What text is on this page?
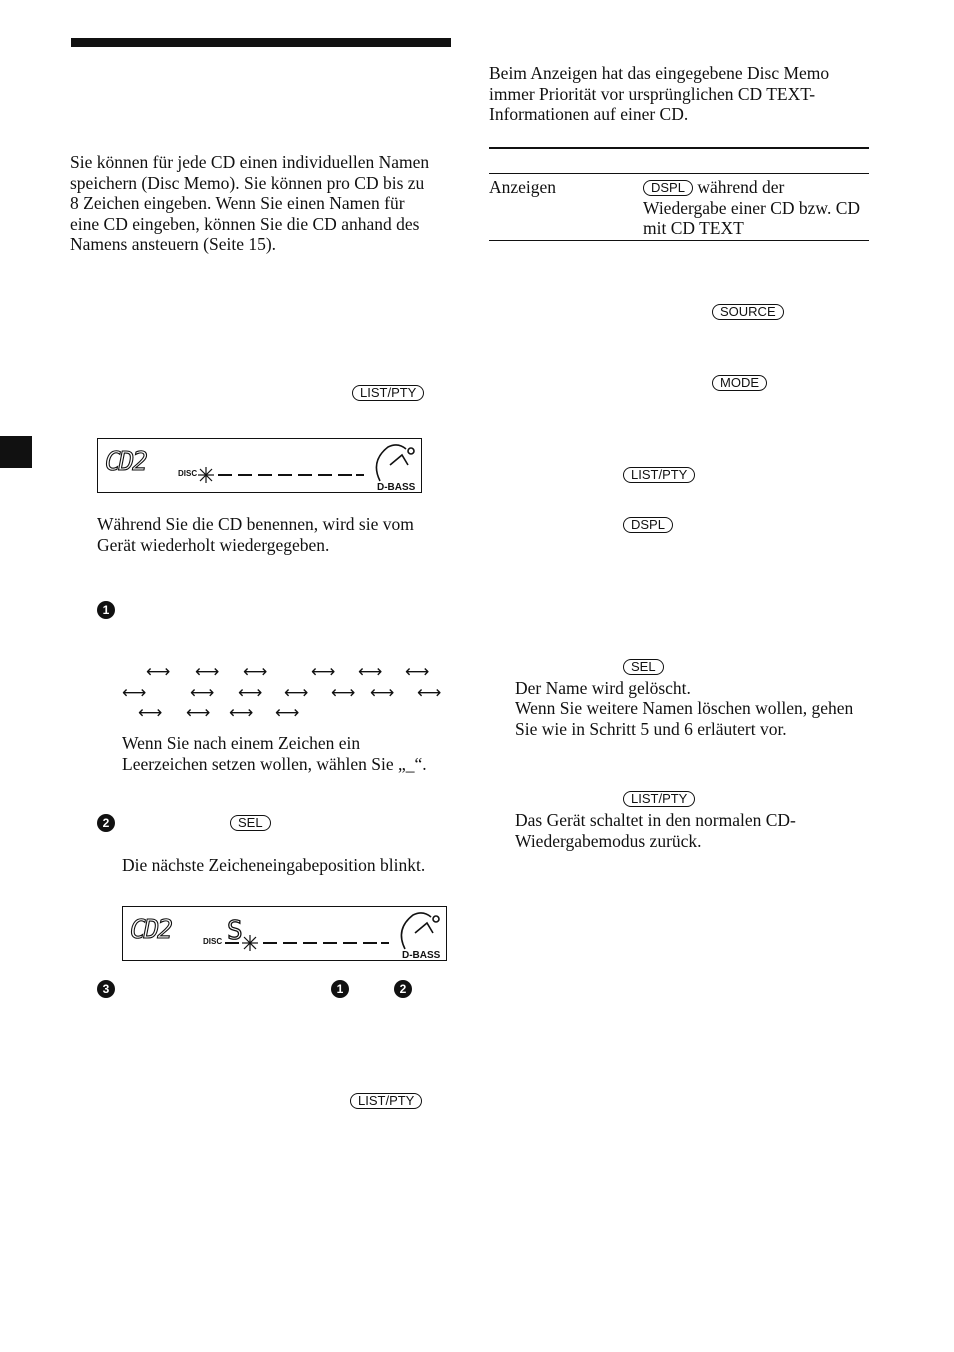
Sie können für jede CD einen individuellen Namen speichern (Disc Memo). Sie können pro CD bis zu 8 Zeichen eingeben. Wenn Sie einen Namen für eine CD eingeben, können Sie die CD anhand des Namens ansteuern (Seite 15).

LIST/PTY
CD2	DISC
D-BASS

Während Sie die CD benennen, wird sie vom Gerät wiederholt wiedergegeben.

1
⟷ ⟷ ⟷	⟷ ⟷ ⟷
⟷	⟷ ⟷ ⟷ ⟷ ⟷ ⟷
⟷ ⟷ ⟷ ⟷

Wenn Sie nach einem Zeichen ein Leerzeichen setzen wollen, wählen Sie „_“.

2	SEL

Die nächste Zeicheneingabeposition blinkt.

CD2	DISC S
D-BASS
3	1	2
LIST/PTY

Beim Anzeigen hat das eingegebene Disc Memo immer Priorität vor ursprünglichen CD TEXT-Informationen auf einer CD.

Anzeigen	DSPL während der Wiedergabe einer CD bzw. CD mit CD TEXT
SOURCE
MODE
LIST/PTY
DSPL
SEL

Der Name wird gelöscht.

Wenn Sie weitere Namen löschen wollen, gehen Sie wie in Schritt 5 und 6 erläutert vor.

LIST/PTY

Das Gerät schaltet in den normalen CD-Wiedergabemodus zurück.
